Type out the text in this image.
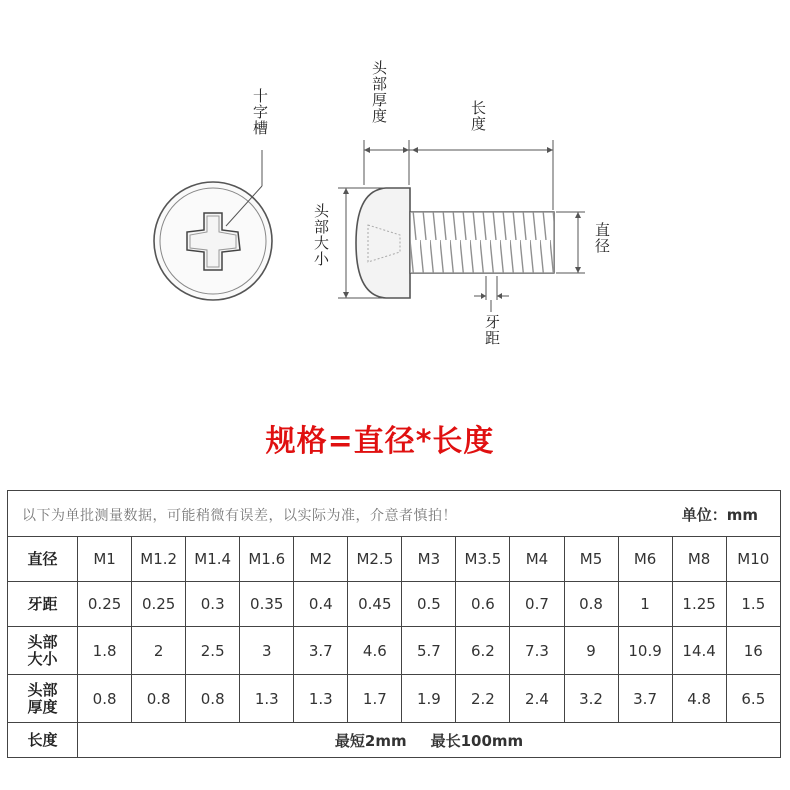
十字槽	头部厚度	长度
头部大小	直径
牙距
规格=直径*长度
以下为单批测量数据，可能稍微有误差，以实际为准，介意者慎拍！ 单位：mm													

直径	M1	M1.2	M1.4	M1.6	M2	M2.5	M3	M3.5	M4	M5	M6	M8	M10
牙距	0.25	0.25	0.3	0.35	0.4	0.45	0.5	0.6	0.7	0.8	1	1.25	1.5
头部
大小	1.8	2	2.5	3	3.7	4.6	5.7	6.2	7.3	9	10.9	14.4	16
头部
厚度	0.8	0.8	0.8	1.3	1.3	1.7	1.9	2.2	2.4	3.2	3.7	4.8	6.5
长度	最短2mm 最长100mm												
